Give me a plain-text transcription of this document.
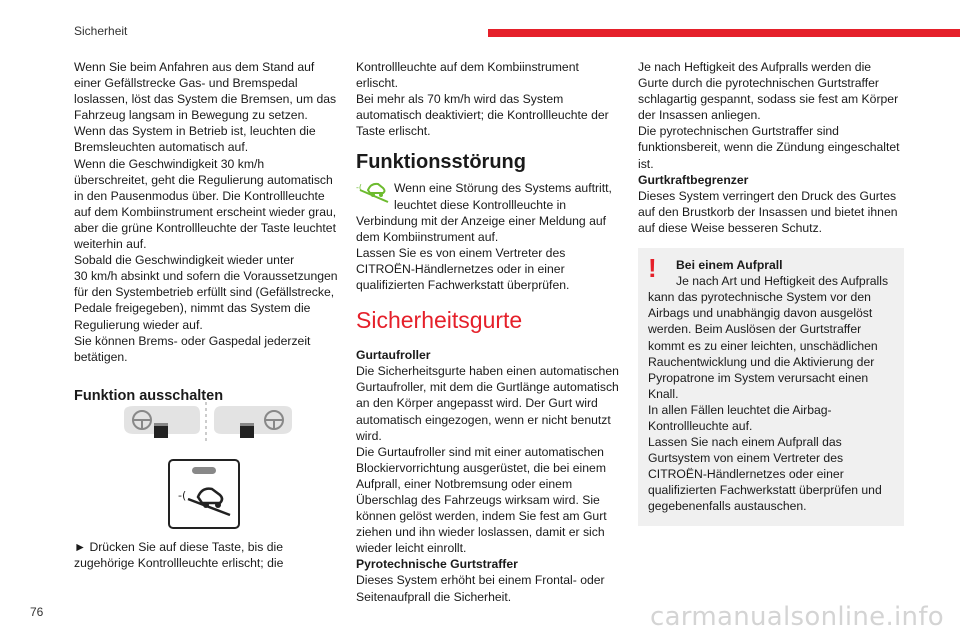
Sicherheit
Wenn Sie beim Anfahren aus dem Stand auf
einer Gefällstrecke Gas- und Bremspedal
loslassen, löst das System die Bremsen, um das
Fahrzeug langsam in Bewegung zu setzen.
Wenn das System in Betrieb ist, leuchten die
Bremsleuchten automatisch auf.
Wenn die Geschwindigkeit 30 km/h
überschreitet, geht die Regulierung automatisch
in den Pausenmodus über. Die Kontrollleuchte
auf dem Kombiinstrument erscheint wieder grau,
aber die grüne Kontrollleuchte der Taste leuchtet
weiterhin auf.
Sobald die Geschwindigkeit wieder unter
30 km/h absinkt und sofern die Voraussetzungen
für den Systembetrieb erfüllt sind (Gefällstrecke,
Pedale freigegeben), nimmt das System die
Regulierung wieder auf.
Sie können Brems- oder Gaspedal jederzeit
betätigen.
Funktion ausschalten
-(
► Drücken Sie auf diese Taste, bis die
zugehörige Kontrollleuchte erlischt; die
Kontrollleuchte auf dem Kombiinstrument
erlischt.
Bei mehr als 70 km/h wird das System
automatisch deaktiviert; die Kontrollleuchte der
Taste erlischt.
Funktionsstörung
-(	Wenn eine Störung des Systems auftritt,
leuchtet diese Kontrollleuchte in
Verbindung mit der Anzeige einer Meldung auf
dem Kombiinstrument auf.
Lassen Sie es von einem Vertreter des
CITROËN-Händlernetzes oder in einer
qualifizierten Fachwerkstatt überprüfen.
Sicherheitsgurte
Gurtaufroller
Die Sicherheitsgurte haben einen automatischen
Gurtaufroller, mit dem die Gurtlänge automatisch
an den Körper angepasst wird. Der Gurt wird
automatisch eingezogen, wenn er nicht benutzt
wird.
Die Gurtaufroller sind mit einer automatischen
Blockiervorrichtung ausgerüstet, die bei einem
Aufprall, einer Notbremsung oder einem
Überschlag des Fahrzeugs wirksam wird. Sie
können gelöst werden, indem Sie fest am Gurt
ziehen und ihn wieder loslassen, damit er sich
wieder leicht einrollt.
Pyrotechnische Gurtstraffer
Dieses System erhöht bei einem Frontal- oder
Seitenaufprall die Sicherheit.
Je nach Heftigkeit des Aufpralls werden die
Gurte durch die pyrotechnischen Gurtstraffer
schlagartig gespannt, sodass sie fest am Körper
der Insassen anliegen.
Die pyrotechnischen Gurtstraffer sind
funktionsbereit, wenn die Zündung eingeschaltet
ist.
Gurtkraftbegrenzer
Dieses System verringert den Druck des Gurtes
auf den Brustkorb der Insassen und bietet ihnen
auf diese Weise besseren Schutz.
!	Bei einem Aufprall
Je nach Art und Heftigkeit des Aufpralls
kann das pyrotechnische System vor den
Airbags und unabhängig davon ausgelöst
werden. Beim Auslösen der Gurtstraffer
kommt es zu einer leichten, unschädlichen
Rauchentwicklung und die Aktivierung der
Pyropatrone im System verursacht einen
Knall.
In allen Fällen leuchtet die Airbag-
Kontrollleuchte auf.
Lassen Sie nach einem Aufprall das
Gurtsystem von einem Vertreter des
CITROËN-Händlernetzes oder einer
qualifizierten Fachwerkstatt überprüfen und
gegebenenfalls austauschen.
76	carmanualsonline.info
